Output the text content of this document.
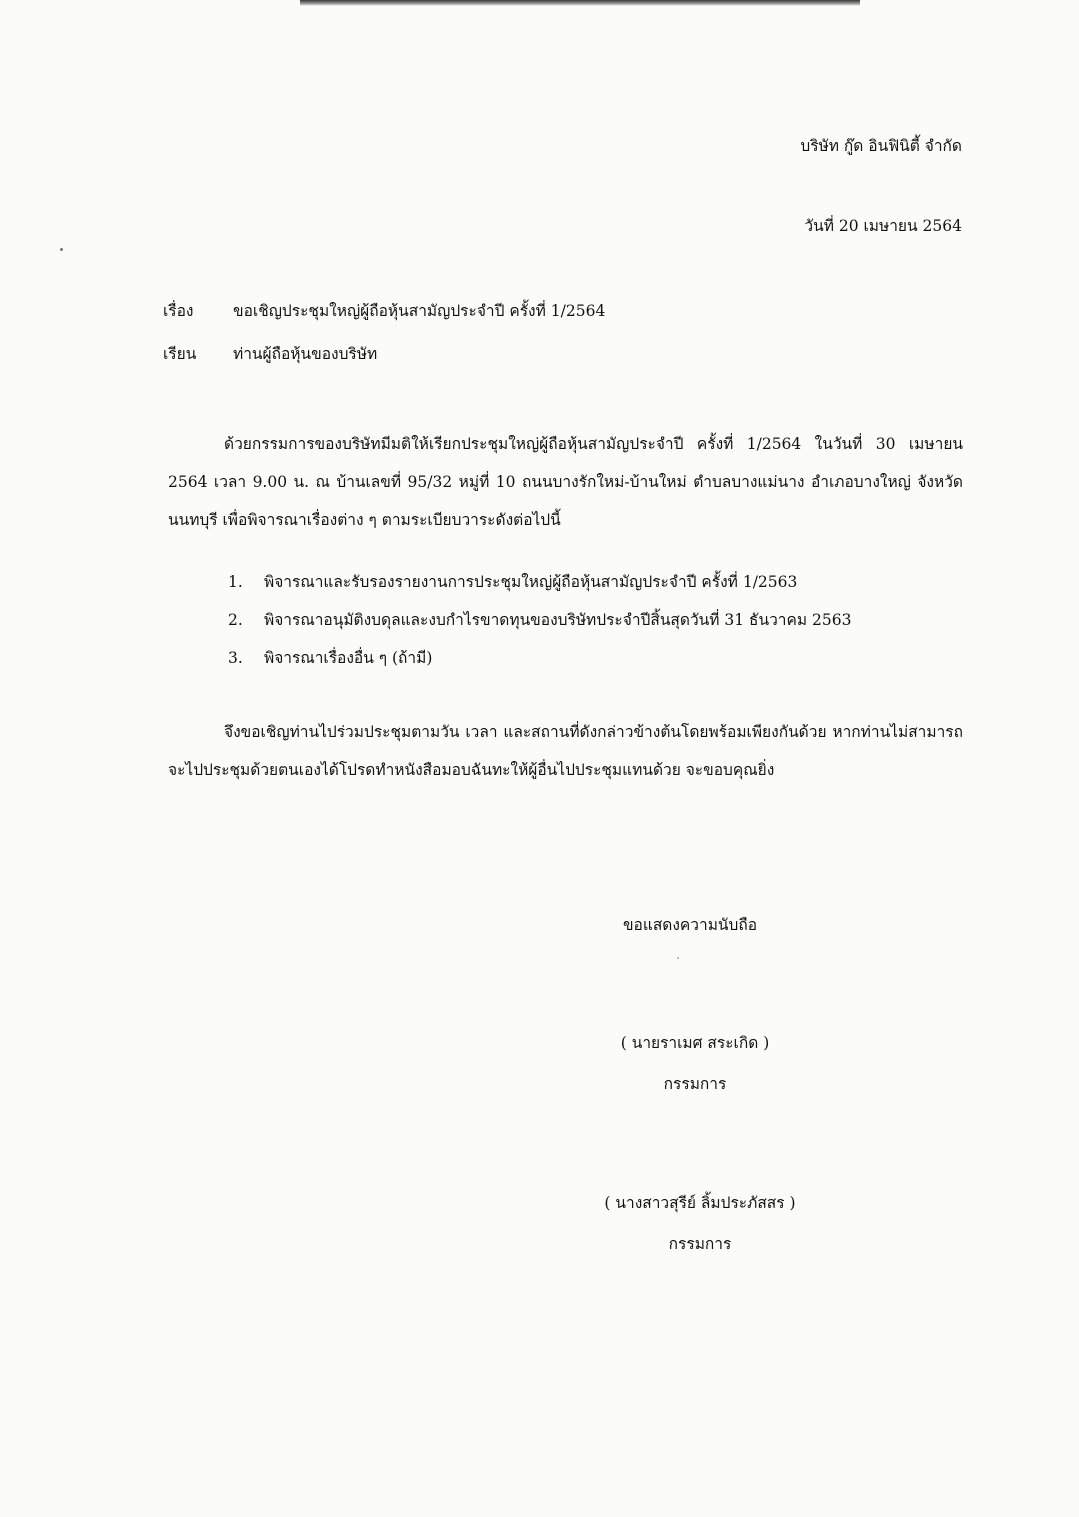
บริษัท กู๊ด อินฟินิตี้ จำกัด
วันที่ 20 เมษายน 2564
เรื่อง	ขอเชิญประชุมใหญ่ผู้ถือหุ้นสามัญประจำปี ครั้งที่ 1/2564
เรียน ท่านผู้ถือหุ้นของบริษัท
ด้วยกรรมการของบริษัทมีมติให้เรียกประชุมใหญ่ผู้ถือหุ้นสามัญประจำปี ครั้งที่ 1/2564 ในวันที่ 30 เมษายน 2564 เวลา 9.00 น. ณ บ้านเลขที่ 95/32 หมู่ที่ 10 ถนนบางรักใหม่-บ้านใหม่ ตำบลบางแม่นาง อำเภอบางใหญ่ จังหวัดนนทบุรี เพื่อพิจารณาเรื่องต่าง ๆ ตามระเบียบวาระดังต่อไปนี้
1. พิจารณาและรับรองรายงานการประชุมใหญ่ผู้ถือหุ้นสามัญประจำปี ครั้งที่ 1/2563
2. พิจารณาอนุมัติงบดุลและงบกำไรขาดทุนของบริษัทประจำปีสิ้นสุดวันที่ 31 ธันวาคม 2563
3. พิจารณาเรื่องอื่น ๆ (ถ้ามี)
จึงขอเชิญท่านไปร่วมประชุมตามวัน เวลา และสถานที่ดังกล่าวข้างต้นโดยพร้อมเพียงกันด้วย หากท่านไม่สามารถจะไปประชุมด้วยตนเองได้โปรดทำหนังสือมอบฉันทะให้ผู้อื่นไปประชุมแทนด้วย จะขอบคุณยิ่ง
ขอแสดงความนับถือ
( นายราเมศ สระเกิด )
กรรมการ
( นางสาวสุรีย์ ลิ้มประภัสสร )
กรรมการ
